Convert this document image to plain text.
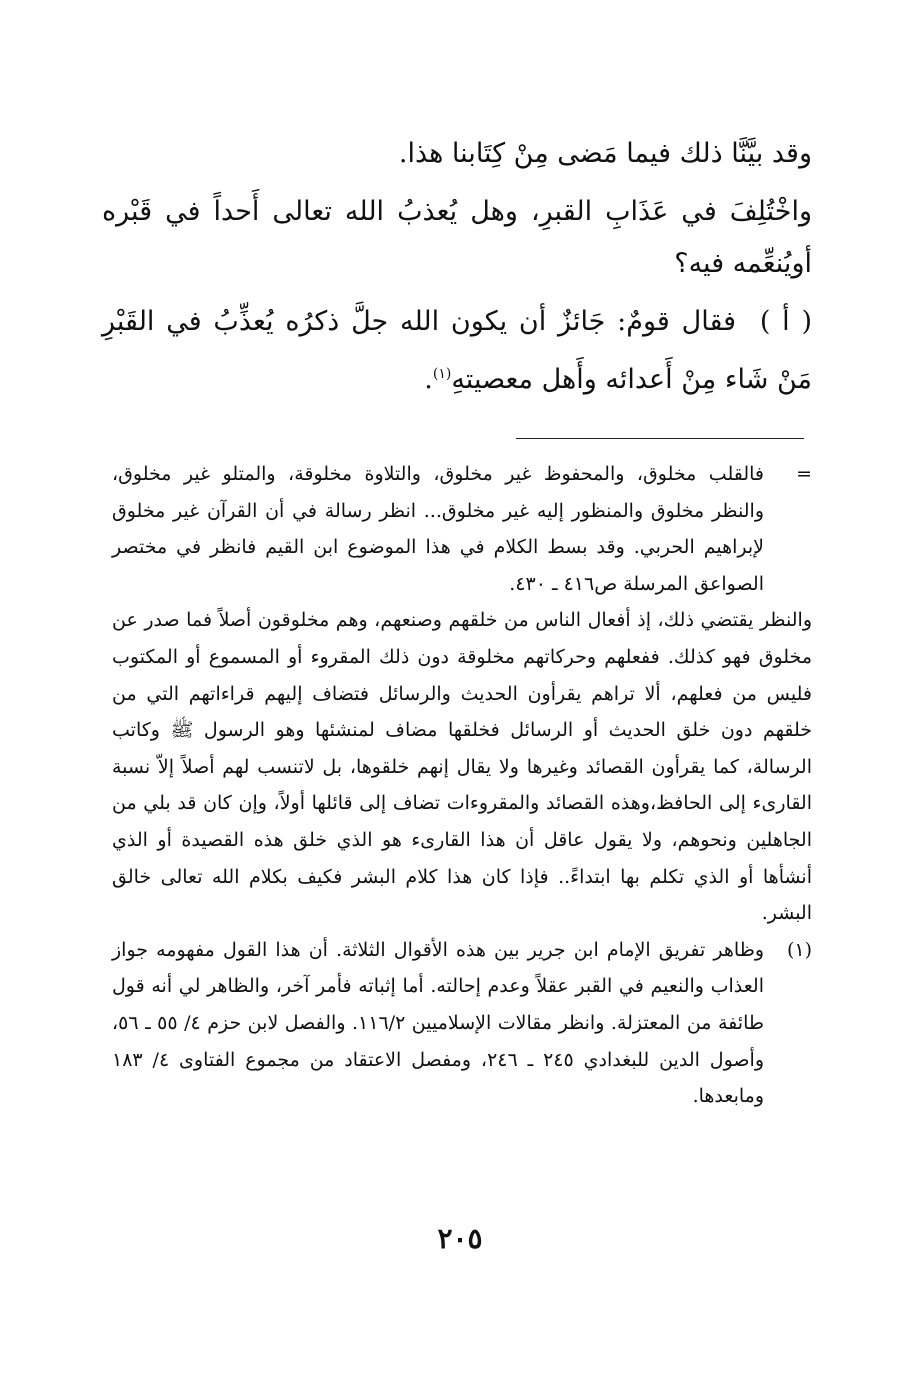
وقد بيَّنَّا ذلك فيما مَضى مِنْ كِتَابنا هذا.

واخْتُلِفَ في عَذَابِ القبرِ، وهل يُعذبُ الله تعالى أَحداً في قَبْره أويُنعِّمه فيه؟

( أ ) فقال قومٌ: جَائزٌ أن يكون الله جلَّ ذكرُه يُعذِّبُ في القَبْرِ مَنْ شَاء مِنْ أَعدائه وأَهل معصيتهِ$^{(١)}$.

=
فالقلب مخلوق، والمحفوظ غير مخلوق، والتلاوة مخلوقة، والمتلو غير مخلوق، والنظر مخلوق والمنظور إليه غير مخلوق... انظر رسالة في أن القرآن غير مخلوق لإبراهيم الحربي. وقد بسط الكلام في هذا الموضوع ابن القيم فانظر في مختصر الصواعق المرسلة ص٤١٦ ـ ٤٣٠.

والنظر يقتضي ذلك، إذ أفعال الناس من خلقهم وصنعهم، وهم مخلوقون أصلاً فما صدر عن مخلوق فهو كذلك. ففعلهم وحركاتهم مخلوقة دون ذلك المقروء أو المسموع أو المكتوب فليس من فعلهم، ألا تراهم يقرأون الحديث والرسائل فتضاف إليهم قراءاتهم التي من خلقهم دون خلق الحديث أو الرسائل فخلقها مضاف لمنشئها وهو الرسول ﷺ وكاتب الرسالة، كما يقرأون القصائد وغيرها ولا يقال إنهم خلقوها، بل لاتنسب لهم أصلاً إلاّ نسبة القارىء إلى الحافظ،وهذه القصائد والمقروءات تضاف إلى قائلها أولاً، وإن كان قد بلي من الجاهلين ونحوهم، ولا يقول عاقل أن هذا القارىء هو الذي خلق هذه القصيدة أو الذي أنشأها أو الذي تكلم بها ابتداءً.. فإذا كان هذا كلام البشر فكيف بكلام الله تعالى خالق البشر.

(١)
وظاهر تفريق الإمام ابن جرير بين هذه الأقوال الثلاثة. أن هذا القول مفهومه جواز العذاب والنعيم في القبر عقلاً وعدم إحالته. أما إثباته فأمر آخر، والظاهر لي أنه قول طائفة من المعتزلة. وانظر مقالات الإسلاميين ١١٦/٢. والفصل لابن حزم ٤/ ٥٥ ـ ٥٦، وأصول الدين للبغدادي ٢٤٥ ـ ٢٤٦، ومفصل الاعتقاد من مجموع الفتاوى ٤/ ١٨٣ ومابعدها.

٢٠٥
